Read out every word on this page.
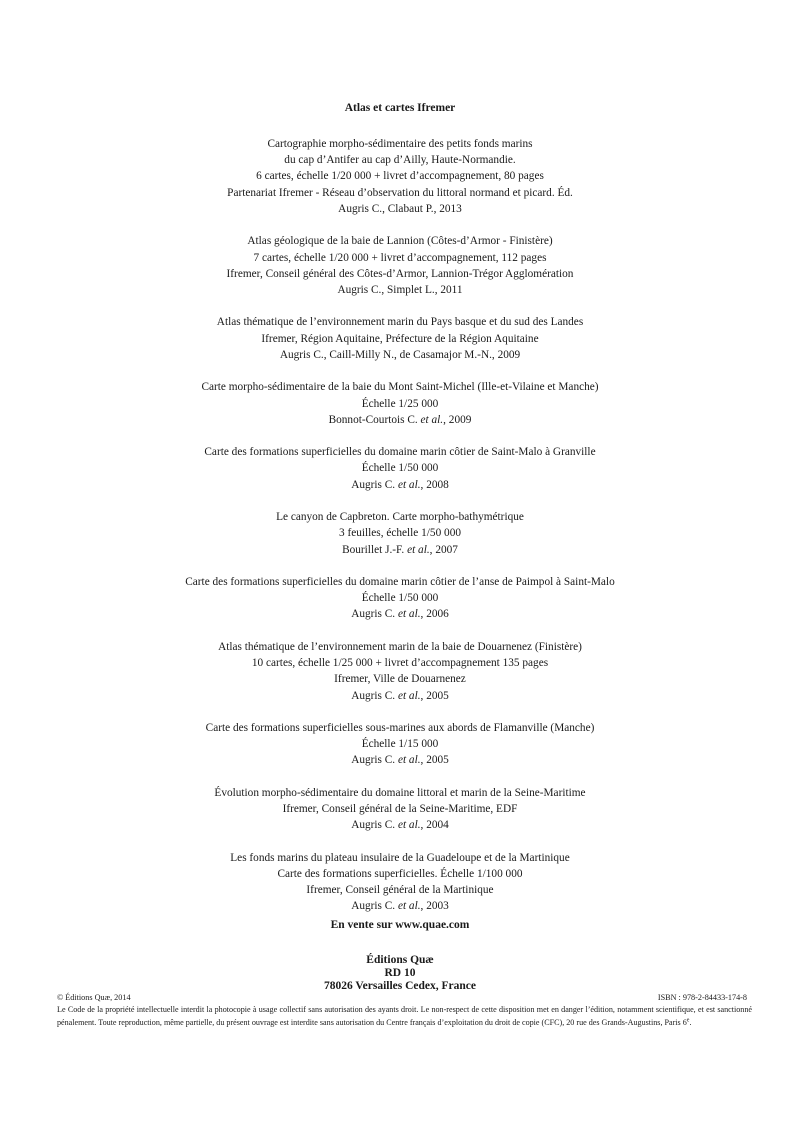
Atlas et cartes Ifremer
Cartographie morpho-sédimentaire des petits fonds marins
du cap d’Antifer au cap d’Ailly, Haute-Normandie.
6 cartes, échelle 1/20 000 + livret d’accompagnement, 80 pages
Partenariat Ifremer - Réseau d’observation du littoral normand et picard. Éd.
Augris C., Clabaut P., 2013
Atlas géologique de la baie de Lannion (Côtes-d’Armor - Finistère)
7 cartes, échelle 1/20 000 + livret d’accompagnement, 112 pages
Ifremer, Conseil général des Côtes-d’Armor, Lannion-Trégor Agglomération
Augris C., Simplet L., 2011
Atlas thématique de l’environnement marin du Pays basque et du sud des Landes
Ifremer, Région Aquitaine, Préfecture de la Région Aquitaine
Augris C., Caill-Milly N., de Casamajor M.-N., 2009
Carte morpho-sédimentaire de la baie du Mont Saint-Michel (Ille-et-Vilaine et Manche)
Échelle 1/25 000
Bonnot-Courtois C. et al., 2009
Carte des formations superficielles du domaine marin côtier de Saint-Malo à Granville
Échelle 1/50 000
Augris C. et al., 2008
Le canyon de Capbreton. Carte morpho-bathymétrique
3 feuilles, échelle 1/50 000
Bourillet J.-F. et al., 2007
Carte des formations superficielles du domaine marin côtier de l’anse de Paimpol à Saint-Malo
Échelle 1/50 000
Augris C. et al., 2006
Atlas thématique de l’environnement marin de la baie de Douarnenez (Finistère)
10 cartes, échelle 1/25 000 + livret d’accompagnement 135 pages
Ifremer, Ville de Douarnenez
Augris C. et al., 2005
Carte des formations superficielles sous-marines aux abords de Flamanville (Manche)
Échelle 1/15 000
Augris C. et al., 2005
Évolution morpho-sédimentaire du domaine littoral et marin de la Seine-Maritime
Ifremer, Conseil général de la Seine-Maritime, EDF
Augris C. et al., 2004
Les fonds marins du plateau insulaire de la Guadeloupe et de la Martinique
Carte des formations superficielles. Échelle 1/100 000
Ifremer, Conseil général de la Martinique
Augris C. et al., 2003
En vente sur www.quae.com
Éditions Quæ
RD 10
78026 Versailles Cedex, France
© Éditions Quæ, 2014	ISBN : 978-2-84433-174-8
Le Code de la propriété intellectuelle interdit la photocopie à usage collectif sans autorisation des ayants droit. Le non-respect de cette disposition met en danger l’édition, notamment scientifique, et est sanctionné pénalement. Toute reproduction, même partielle, du présent ouvrage est interdite sans autorisation du Centre français d’exploitation du droit de copie (CFC), 20 rue des Grands-Augustins, Paris 6e.
